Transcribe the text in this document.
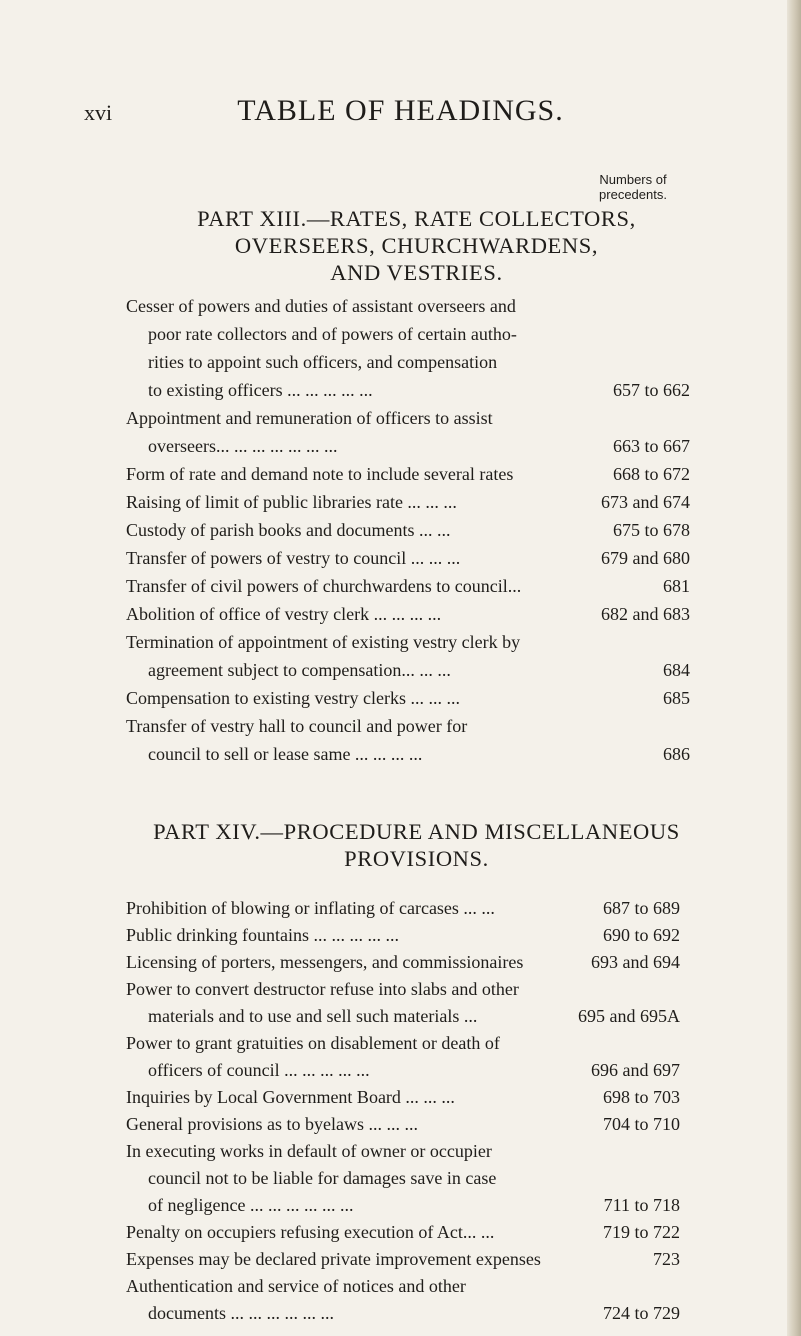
xvi	TABLE OF HEADINGS.
Numbers of
precedents.
PART XIII.—RATES, RATE COLLECTORS,
OVERSEERS, CHURCHWARDENS,
AND VESTRIES.
Cesser of powers and duties of assistant overseers and
poor rate collectors and of powers of certain autho-
rities to appoint such officers, and compensation
to existing officers ... ... ... ... ...	657 to 662
Appointment and remuneration of officers to assist
overseers... ... ... ... ... ... ...	663 to 667
Form of rate and demand note to include several rates	668 to 672
Raising of limit of public libraries rate ... ... ...	673 and 674
Custody of parish books and documents ... ...	675 to 678
Transfer of powers of vestry to council ... ... ...	679 and 680
Transfer of civil powers of churchwardens to council...	681
Abolition of office of vestry clerk ... ... ... ...	682 and 683
Termination of appointment of existing vestry clerk by
agreement subject to compensation... ... ...	684
Compensation to existing vestry clerks ... ... ...	685
Transfer of vestry hall to council and power for
council to sell or lease same ... ... ... ...	686
PART XIV.—PROCEDURE AND MISCELLANEOUS
PROVISIONS.
Prohibition of blowing or inflating of carcases ... ...	687 to 689
Public drinking fountains ... ... ... ... ...	690 to 692
Licensing of porters, messengers, and commissionaires	693 and 694
Power to convert destructor refuse into slabs and other
materials and to use and sell such materials ...	695 and 695A
Power to grant gratuities on disablement or death of
officers of council ... ... ... ... ...	696 and 697
Inquiries by Local Government Board ... ... ...	698 to 703
General provisions as to byelaws ... ... ...	704 to 710
In executing works in default of owner or occupier
council not to be liable for damages save in case
of negligence ... ... ... ... ... ...	711 to 718
Penalty on occupiers refusing execution of Act... ...	719 to 722
Expenses may be declared private improvement expenses	723
Authentication and service of notices and other
documents ... ... ... ... ... ...	724 to 729
